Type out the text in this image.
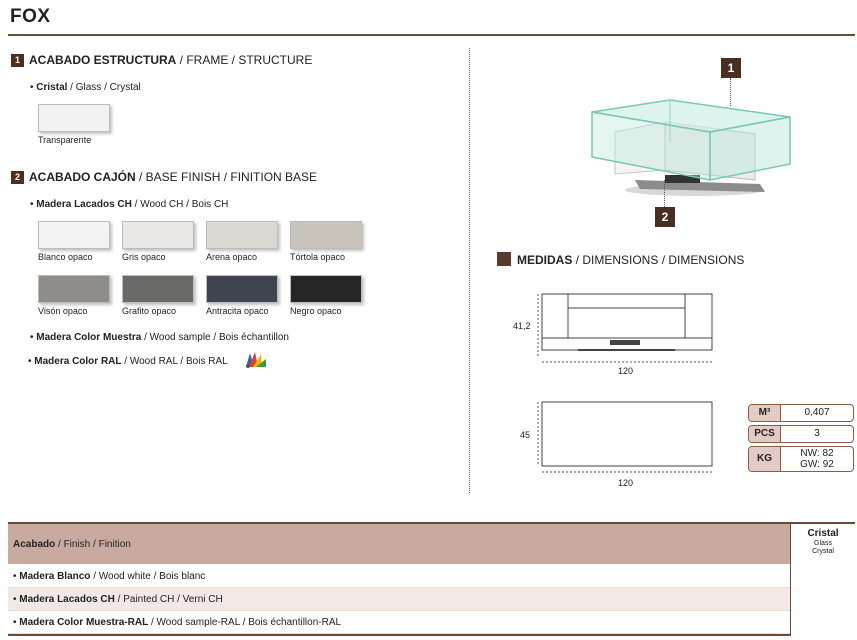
FOX
1 ACABADO ESTRUCTURA / FRAME / STRUCTURE
• Cristal / Glass / Crystal
Transparente
2 ACABADO CAJÓN / BASE FINISH / FINITION BASE
• Madera Lacados CH / Wood CH / Bois CH
Blanco opaco	Gris opaco	Arena opaco	Tórtola opaco
Visón opaco	Grafito opaco	Antracita opaco	Negro opaco
• Madera Color Muestra / Wood sample / Bois échantillon
• Madera Color RAL / Wood RAL / Bois RAL
1
2
MEDIDAS / DIMENSIONS / DIMENSIONS
41,2
120
45
120
M³	0,407
PCS	3
KG	NW: 82
GW: 92
Acabado / Finish / Finition
Cristal
Glass
Crystal
• Madera Blanco / Wood white / Bois blanc
• Madera Lacados CH / Painted CH / Verni CH
• Madera Color Muestra-RAL / Wood sample-RAL / Bois échantillon-RAL
